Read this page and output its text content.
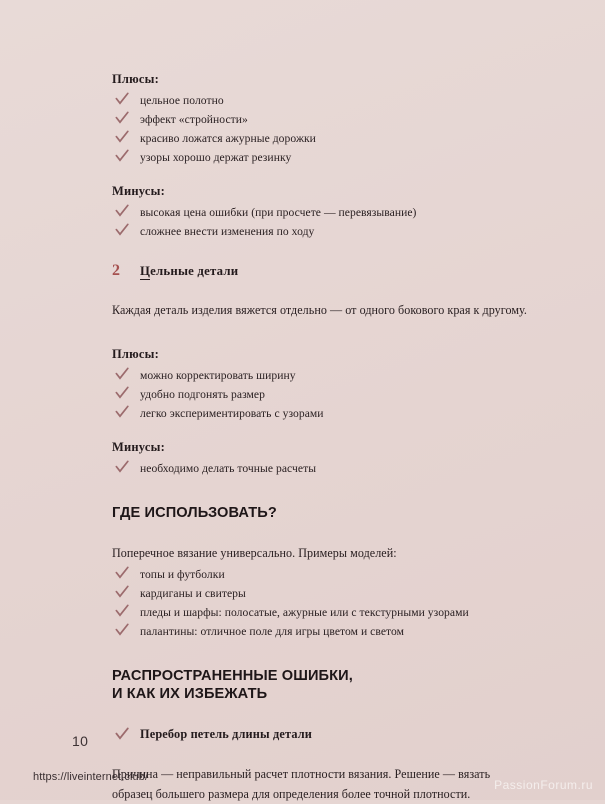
Плюсы:
цельное полотно
эффект «стройности»
красиво ложатся ажурные дорожки
узоры хорошо держат резинку
Минусы:
высокая цена ошибки (при просчете — перевязывание)
сложнее внести изменения по ходу
2	Цельные детали

Каждая деталь изделия вяжется отдельно — от одного бокового края к другому.

Плюсы:
можно корректировать ширину
удобно подгонять размер
легко экспериментировать с узорами
Минусы:
необходимо делать точные расчеты
ГДЕ ИСПОЛЬЗОВАТЬ?

Поперечное вязание универсально. Примеры моделей:

топы и футболки
кардиганы и свитеры
пледы и шарфы: полосатые, ажурные или с текстурными узорами
палантины: отличное поле для игры цветом и светом
РАСПРОСТРАНЕННЫЕ ОШИБКИ,
И КАК ИХ ИЗБЕЖАТЬ
Перебор петель длины детали

Причина — неправильный расчет плотности вязания. Решение — вязать образец большего размера для определения более точной плотности.

10
https://liveinternet.club/
PassionForum.ru
